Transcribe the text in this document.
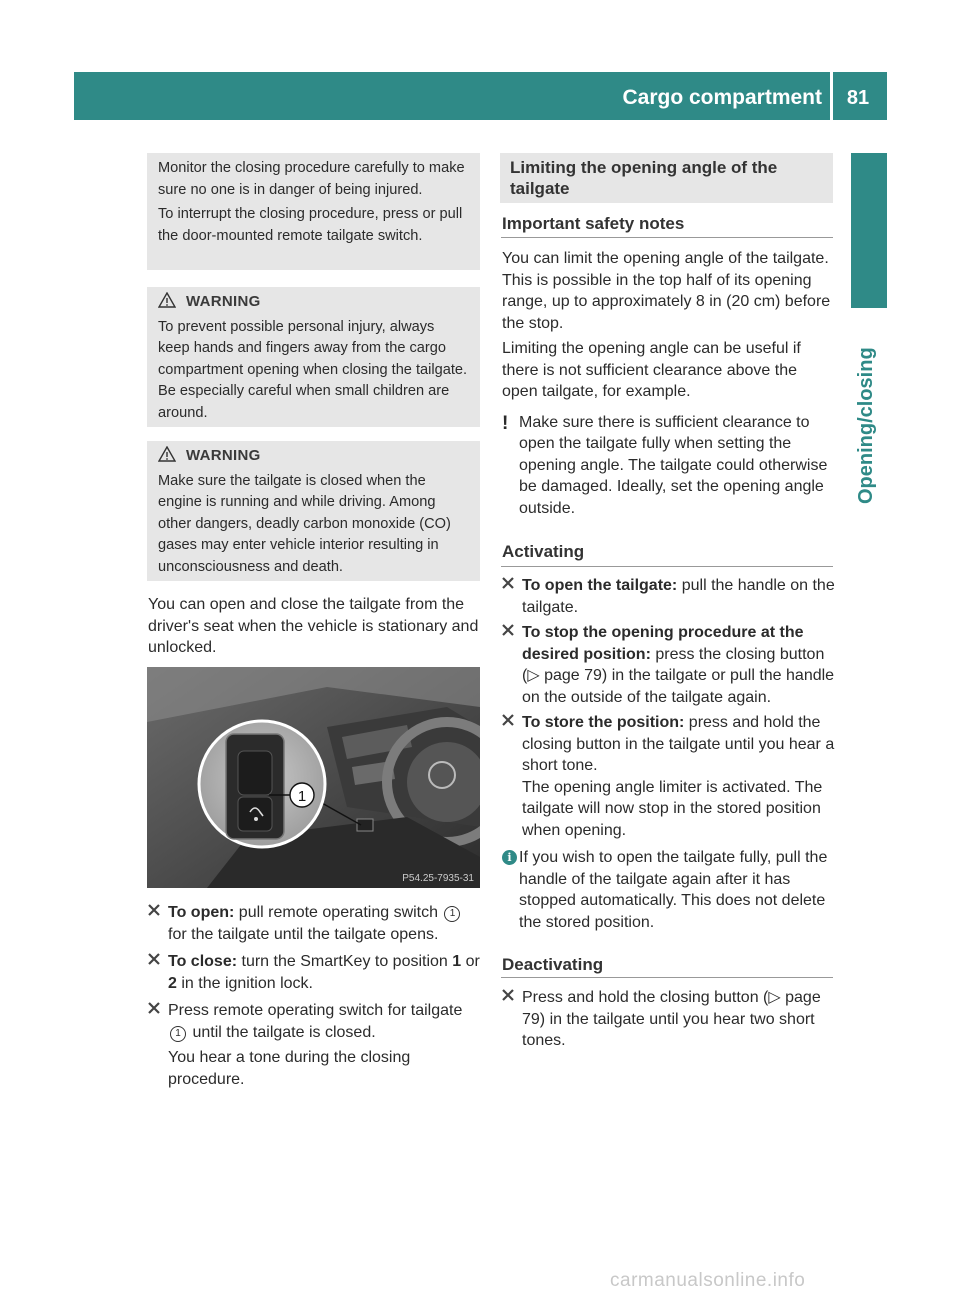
Cargo compartment	81
Opening/closing

Monitor the closing procedure carefully to make sure no one is in danger of being injured.

To interrupt the closing procedure, press or pull the door-mounted remote tailgate switch.

WARNING

To prevent possible personal injury, always keep hands and fingers away from the cargo compartment opening when closing the tailgate. Be especially careful when small children are around.

WARNING

Make sure the tailgate is closed when the engine is running and while driving. Among other dangers, deadly carbon monoxide (CO) gases may enter vehicle interior resulting in unconsciousness and death.

You can open and close the tailgate from the driver's seat when the vehicle is stationary and unlocked.

1
P54.25-7935-31
To open: pull remote operating switch 1 for the tailgate until the tailgate opens.
To close: turn the SmartKey to position 1 or 2 in the ignition lock.
Press remote operating switch for tailgate 1 until the tailgate is closed.

You hear a tone during the closing procedure.

Limiting the opening angle of the tailgate
Important safety notes

You can limit the opening angle of the tailgate. This is possible in the top half of its opening range, up to approximately 8 in (20 cm) before the stop.

Limiting the opening angle can be useful if there is not sufficient clearance above the open tailgate, for example.

! Make sure there is sufficient clearance to open the tailgate fully when setting the opening angle. The tailgate could otherwise be damaged. Ideally, set the opening angle outside.
Activating
To open the tailgate: pull the handle on the tailgate.
To stop the opening procedure at the desired position: press the closing button (▷ page 79) in the tailgate or pull the handle on the outside of the tailgate again.
To store the position: press and hold the closing button in the tailgate until you hear a short tone.

The opening angle limiter is activated. The tailgate will now stop in the stored position when opening.

i If you wish to open the tailgate fully, pull the handle of the tailgate again after it has stopped automatically. This does not delete the stored position.
Deactivating
Press and hold the closing button (▷ page 79) in the tailgate until you hear two short tones.
carmanualsonline.info
